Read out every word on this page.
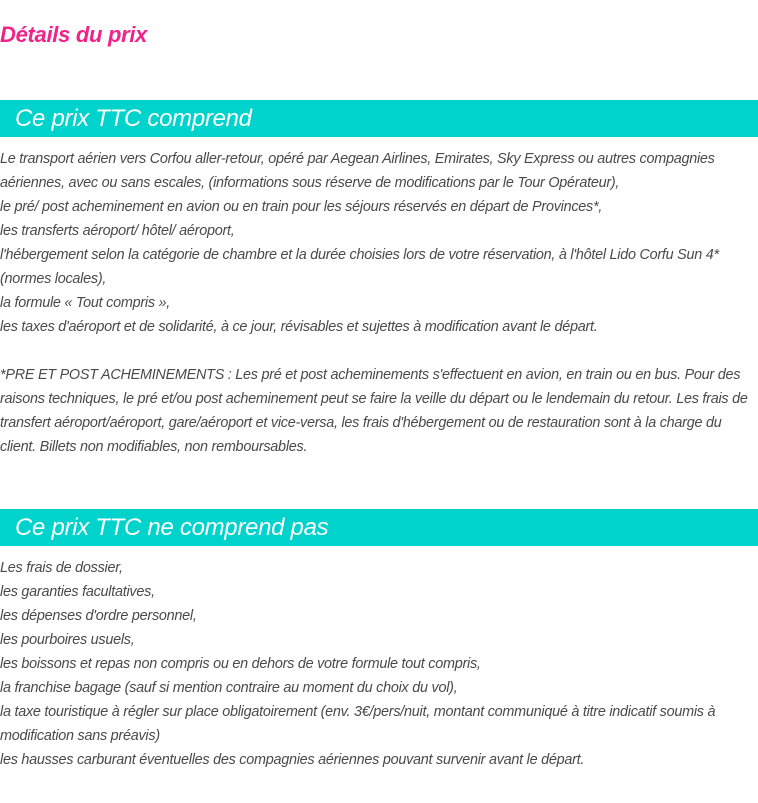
Détails du prix
Ce prix TTC comprend

Le transport aérien vers Corfou aller-retour, opéré par Aegean Airlines, Emirates, Sky Express ou autres compagnies aériennes, avec ou sans escales, (informations sous réserve de modifications par le Tour Opérateur),

le pré/ post acheminement en avion ou en train pour les séjours réservés en départ de Provinces*,

les transferts aéroport/ hôtel/ aéroport,

l'hébergement selon la catégorie de chambre et la durée choisies lors de votre réservation, à l'hôtel Lido Corfu Sun 4* (normes locales),

la formule « Tout compris »,

les taxes d'aéroport et de solidarité, à ce jour, révisables et sujettes à modification avant le départ.

*PRE ET POST ACHEMINEMENTS : Les pré et post acheminements s'effectuent en avion, en train ou en bus. Pour des raisons techniques, le pré et/ou post acheminement peut se faire la veille du départ ou le lendemain du retour. Les frais de transfert aéroport/aéroport, gare/aéroport et vice-versa, les frais d'hébergement ou de restauration sont à la charge du client. Billets non modifiables, non remboursables.

Ce prix TTC ne comprend pas

Les frais de dossier,

les garanties facultatives,

les dépenses d'ordre personnel,

les pourboires usuels,

les boissons et repas non compris ou en dehors de votre formule tout compris,

la franchise bagage (sauf si mention contraire au moment du choix du vol),

la taxe touristique à régler sur place obligatoirement (env. 3€/pers/nuit, montant communiqué à titre indicatif soumis à modification sans préavis)

les hausses carburant éventuelles des compagnies aériennes pouvant survenir avant le départ.
